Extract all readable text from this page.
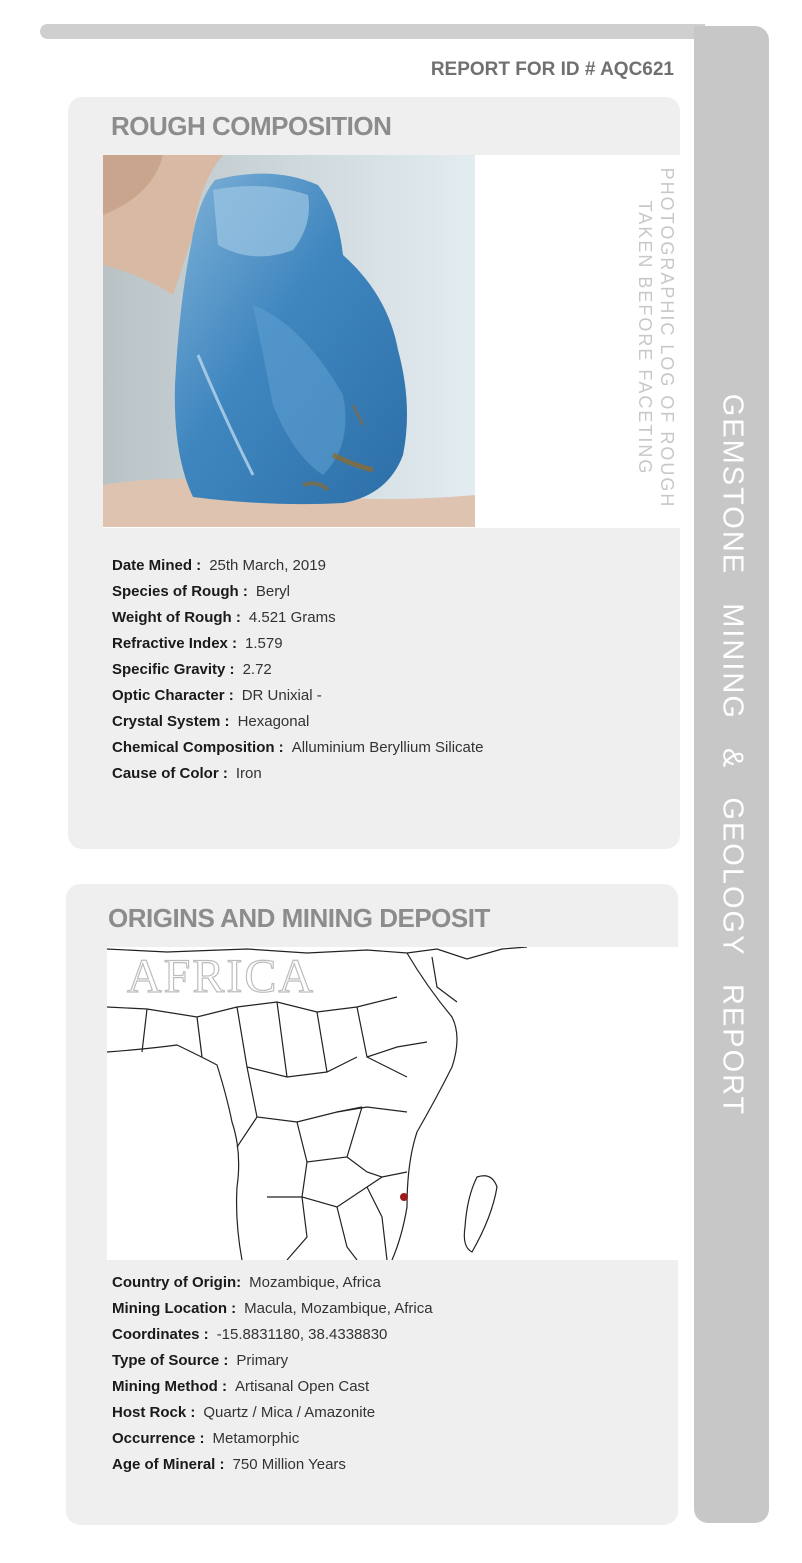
GEMSTONE MINING & GEOLOGY REPORT
REPORT FOR ID # AQC621
ROUGH COMPOSITION
PHOTOGRAPHIC LOG OF ROUGH
TAKEN BEFORE FACETING
Date Mined : 25th March, 2019
Species of Rough : Beryl
Weight of Rough : 4.521 Grams
Refractive Index : 1.579
Specific Gravity : 2.72
Optic Character : DR Unixial -
Crystal System : Hexagonal
Chemical Composition : Alluminium Beryllium Silicate
Cause of Color : Iron
ORIGINS AND MINING DEPOSIT
AFRICA
Country of Origin: Mozambique, Africa
Mining Location : Macula, Mozambique, Africa
Coordinates : -15.8831180, 38.4338830
Type of Source : Primary
Mining Method : Artisanal Open Cast
Host Rock : Quartz / Mica / Amazonite
Occurrence : Metamorphic
Age of Mineral : 750 Million Years
